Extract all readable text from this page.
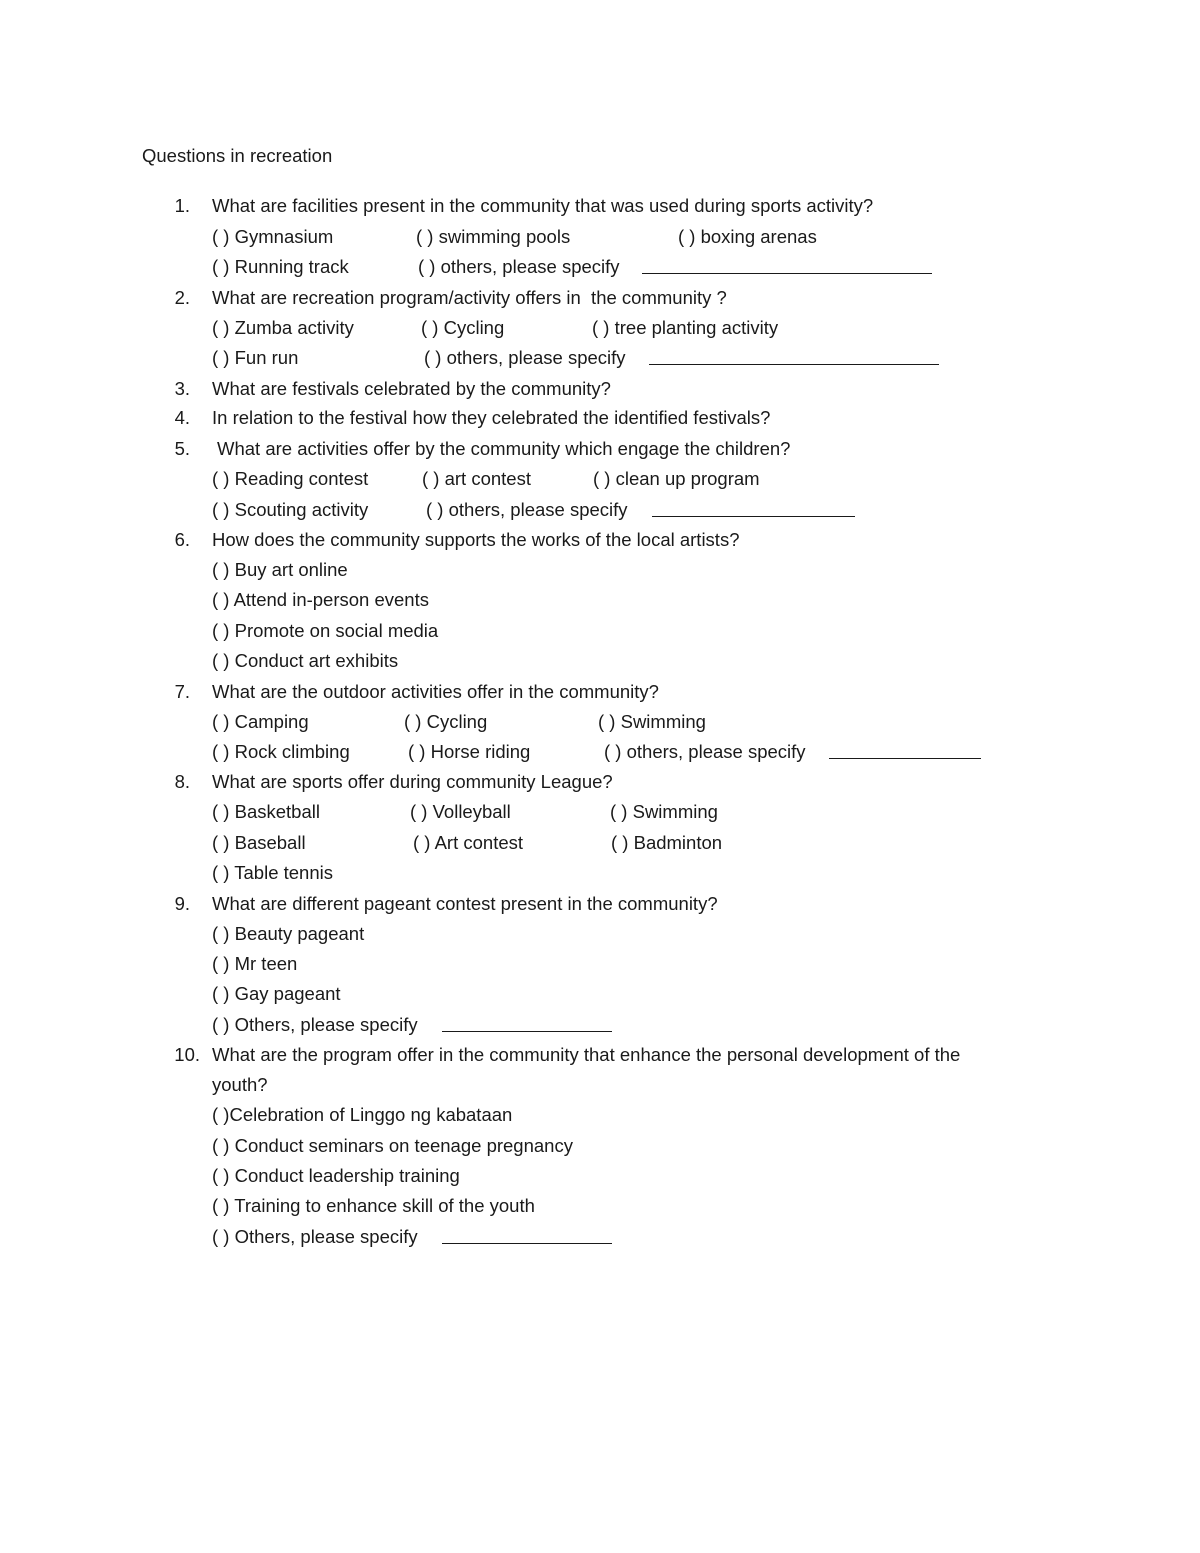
Questions in recreation
1. What are facilities present in the community that was used during sports activity?
( ) Gymnasium	( ) swimming pools	( ) boxing arenas
( ) Running track	( ) others, please specify
2. What are recreation program/activity offers in  the community ?
( ) Zumba activity	( ) Cycling	( ) tree planting activity
( ) Fun run	( ) others, please specify
3. What are festivals celebrated by the community?
4. In relation to the festival how they celebrated the identified festivals?
5. What are activities offer by the community which engage the children?
( ) Reading contest	( ) art contest	( ) clean up program
( ) Scouting activity	( ) others, please specify
6. How does the community supports the works of the local artists?
( ) Buy art online
( ) Attend in-person events
( ) Promote on social media
( ) Conduct art exhibits
7. What are the outdoor activities offer in the community?
( ) Camping	( ) Cycling	( ) Swimming
( ) Rock climbing	( ) Horse riding	( ) others, please specify
8. What are sports offer during community League?
( ) Basketball	( ) Volleyball	( ) Swimming
( ) Baseball	( ) Art contest	( ) Badminton
( ) Table tennis
9. What are different pageant contest present in the community?
( ) Beauty pageant
( ) Mr teen
( ) Gay pageant
( ) Others, please specify
10. What are the program offer in the community that enhance the personal development of the
youth?
( )Celebration of Linggo ng kabataan
( ) Conduct seminars on teenage pregnancy
( ) Conduct leadership training
( ) Training to enhance skill of the youth
( ) Others, please specify
